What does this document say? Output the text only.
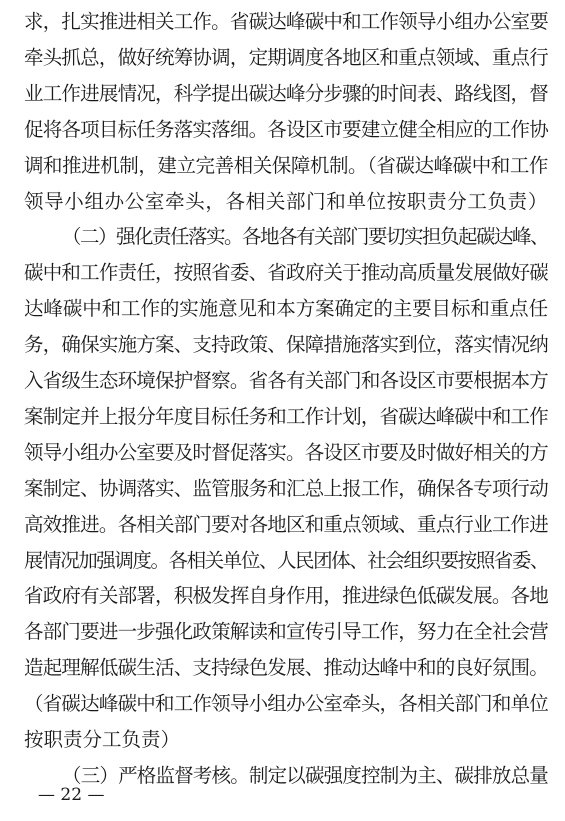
求，扎实推进相关工作。省碳达峰碳中和工作领导小组办公室要
牵头抓总，做好统筹协调，定期调度各地区和重点领域、重点行
业工作进展情况，科学提出碳达峰分步骤的时间表、路线图，督
促将各项目标任务落实落细。各设区市要建立健全相应的工作协
调和推进机制，建立完善相关保障机制。（省碳达峰碳中和工作
领导小组办公室牵头，各相关部门和单位按职责分工负责）
（二）强化责任落实。各地各有关部门要切实担负起碳达峰、
碳中和工作责任，按照省委、省政府关于推动高质量发展做好碳
达峰碳中和工作的实施意见和本方案确定的主要目标和重点任
务，确保实施方案、支持政策、保障措施落实到位，落实情况纳
入省级生态环境保护督察。省各有关部门和各设区市要根据本方
案制定并上报分年度目标任务和工作计划，省碳达峰碳中和工作
领导小组办公室要及时督促落实。各设区市要及时做好相关的方
案制定、协调落实、监管服务和汇总上报工作，确保各专项行动
高效推进。各相关部门要对各地区和重点领域、重点行业工作进
展情况加强调度。各相关单位、人民团体、社会组织要按照省委、
省政府有关部署，积极发挥自身作用，推进绿色低碳发展。各地
各部门要进一步强化政策解读和宣传引导工作，努力在全社会营
造起理解低碳生活、支持绿色发展、推动达峰中和的良好氛围。
（省碳达峰碳中和工作领导小组办公室牵头，各相关部门和单位
按职责分工负责）
（三）严格监督考核。制定以碳强度控制为主、碳排放总量
— 22 —
